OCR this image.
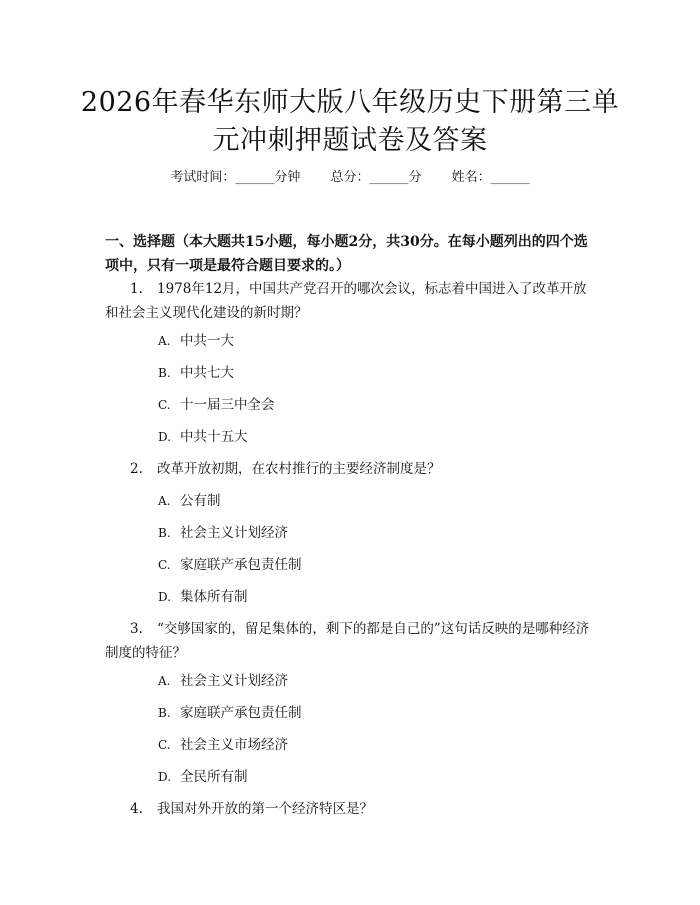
2026年春华东师大版八年级历史下册第三单
元冲刺押题试卷及答案
考试时间：______分钟 总分：______分 姓名：______
一、选择题（本大题共15小题，每小题2分，共30分。在每小题列出的四个选项中，只有一项是最符合题目要求的。）
1. 1978年12月，中国共产党召开的哪次会议，标志着中国进入了改革开放和社会主义现代化建设的新时期？
A. 中共一大
B. 中共七大
C. 十一届三中全会
D. 中共十五大
2. 改革开放初期，在农村推行的主要经济制度是？
A. 公有制
B. 社会主义计划经济
C. 家庭联产承包责任制
D. 集体所有制
3. “交够国家的，留足集体的，剩下的都是自己的”这句话反映的是哪种经济制度的特征？
A. 社会主义计划经济
B. 家庭联产承包责任制
C. 社会主义市场经济
D. 全民所有制
4. 我国对外开放的第一个经济特区是？
